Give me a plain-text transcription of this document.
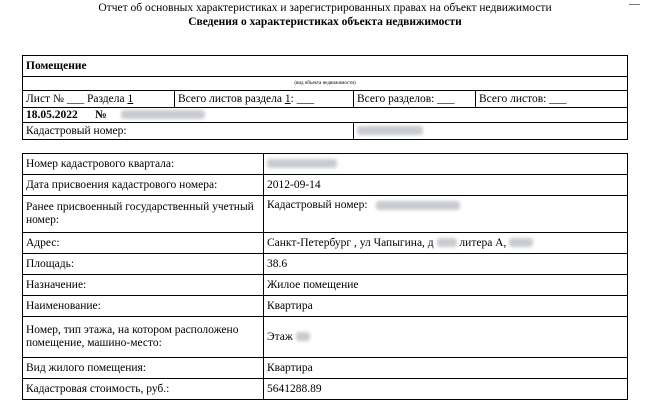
—
Отчет об основных характеристиках и зарегистрированных правах на объект недвижимости
Сведения о характеристиках объекта недвижимости
Помещение			
(вид объекта недвижимости)			
Лист № ___ Раздела 1	Всего листов раздела 1: ___	Всего разделов: ___	Всего листов: ___
18.05.2022 №			
Кадастровый номер:			
Номер кадастрового квартала:	
Дата присвоения кадастрового номера:	2012-09-14
Ранее присвоенный государственный учетный номер:	Кадастровый номер:
Адрес:	Санкт-Петербург , ул Чапыгина, д литера А,
Площадь:	38.6
Назначение:	Жилое помещение
Наименование:	Квартира
Номер, тип этажа, на котором расположено помещение, машино-место:	Этаж
Вид жилого помещения:	Квартира
Кадастровая стоимость, руб.:	5641288.89
